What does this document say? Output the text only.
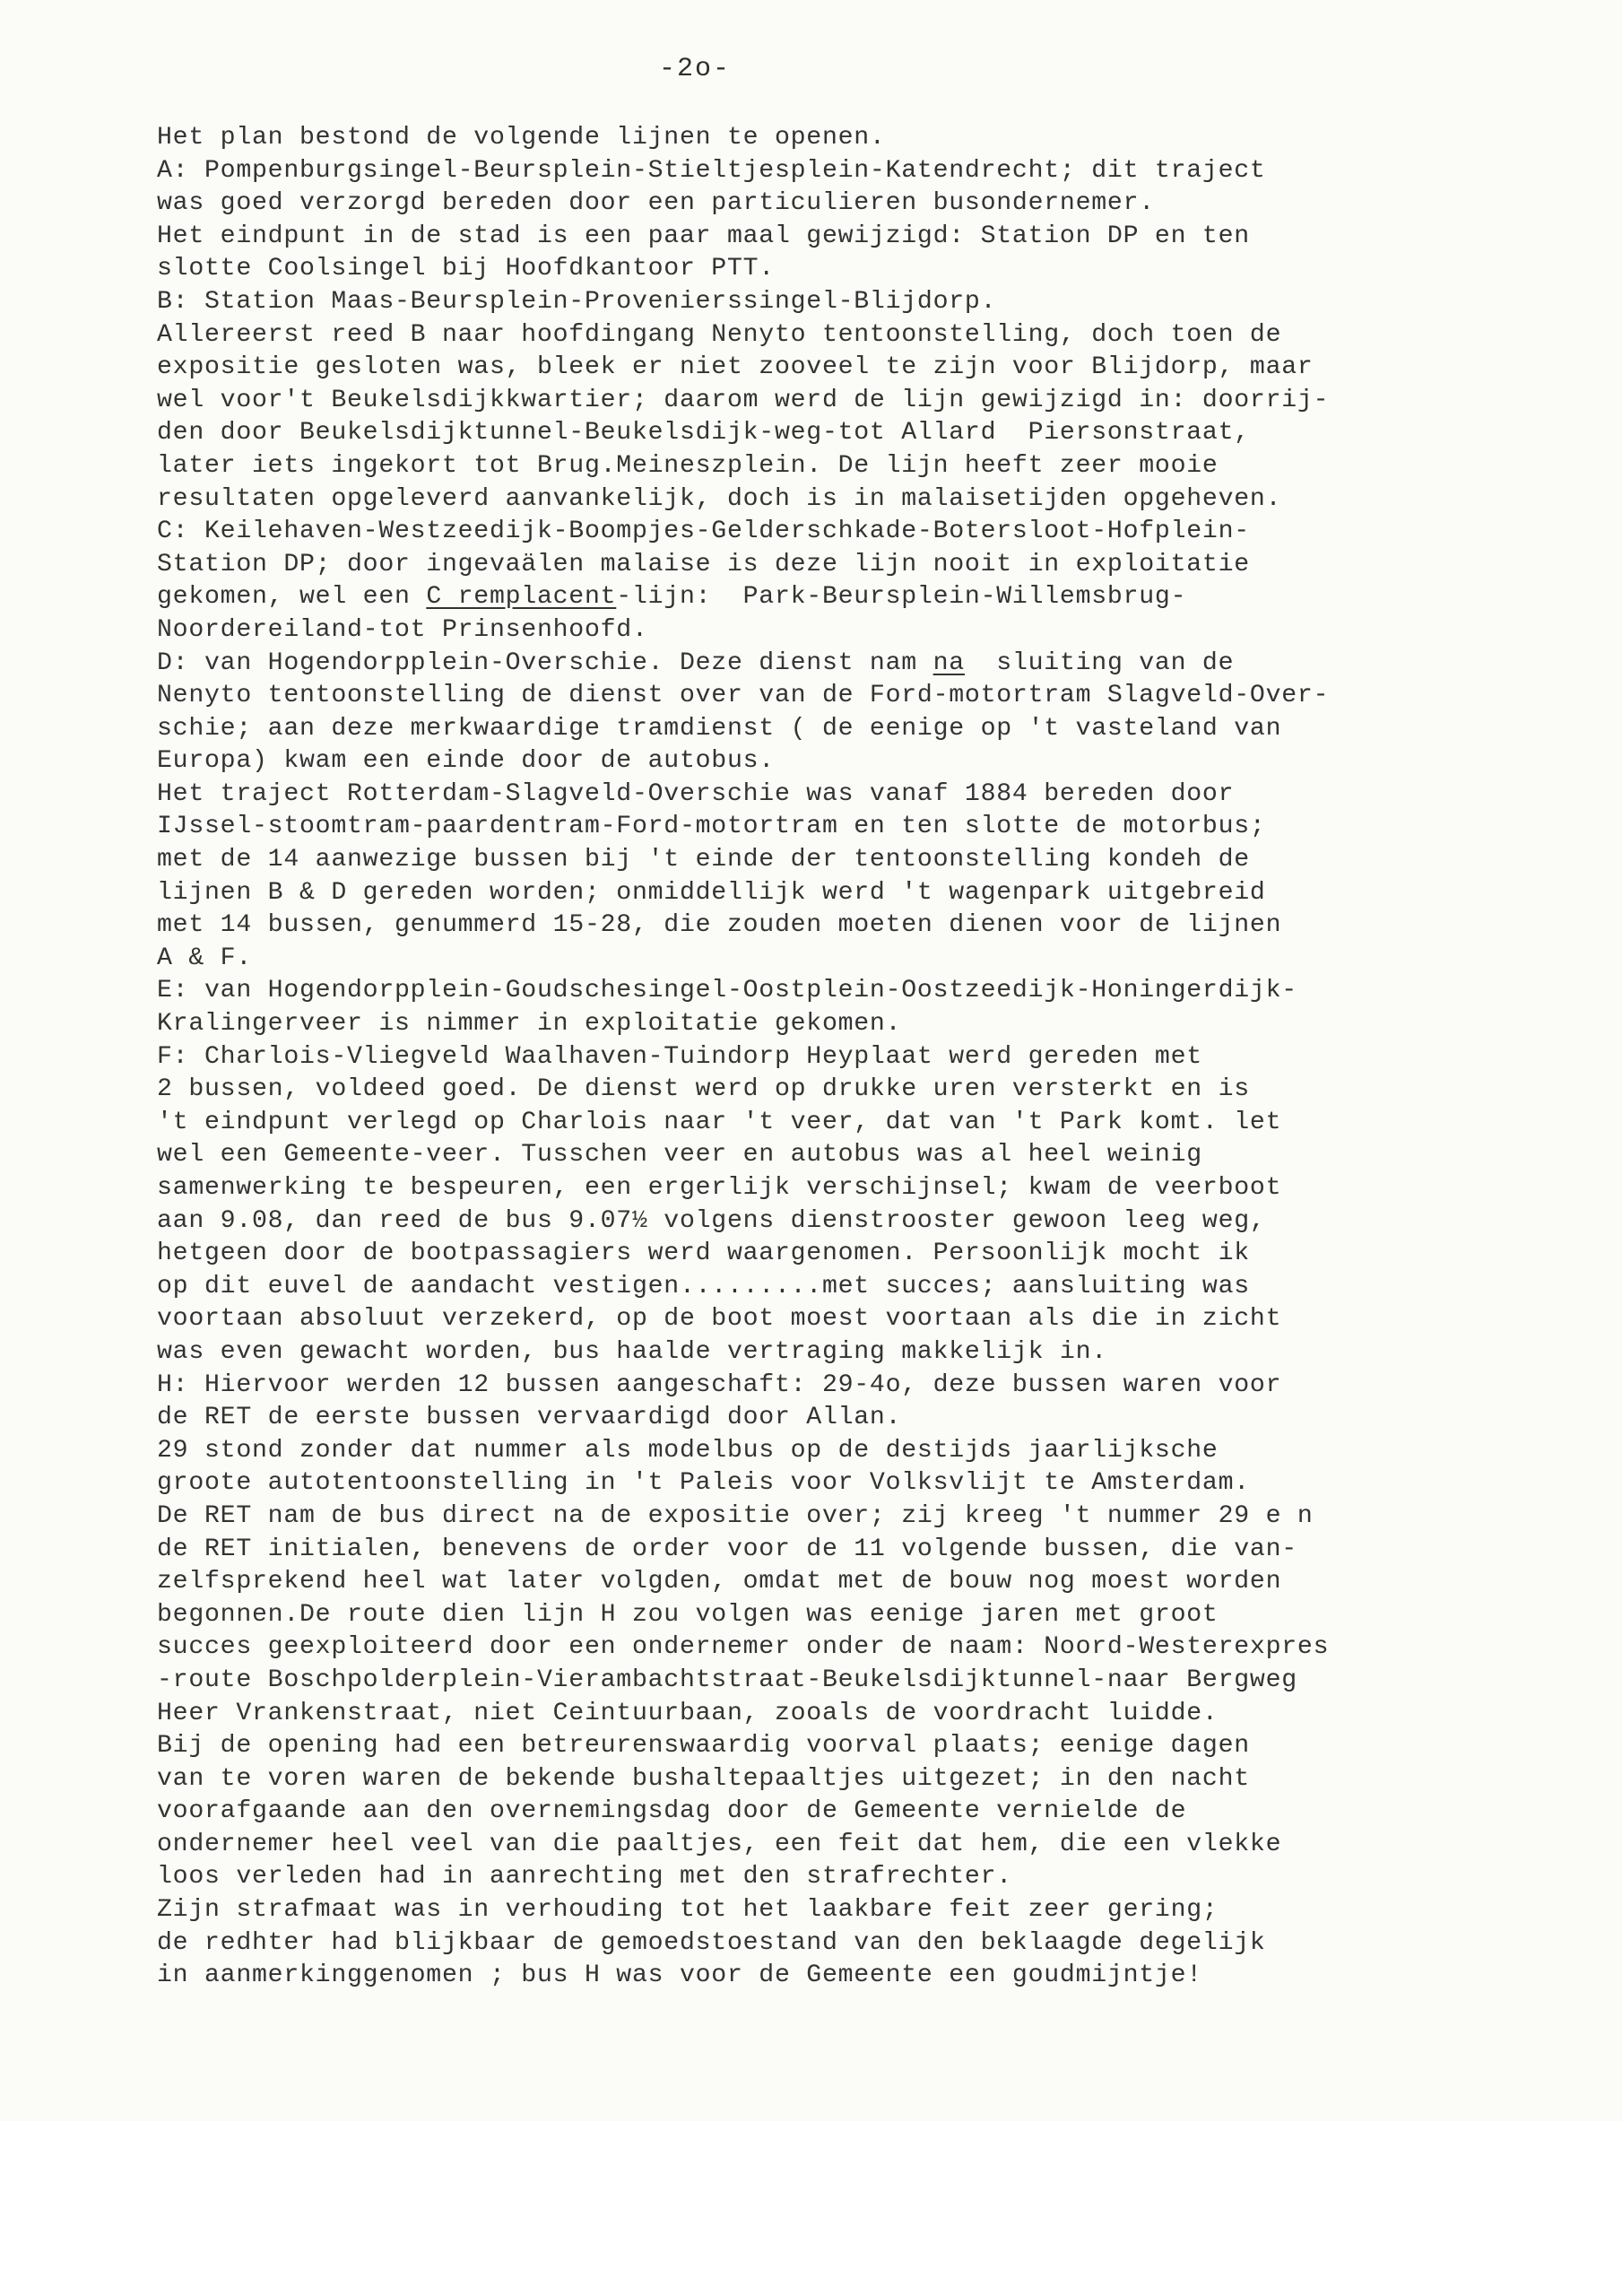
-2o-
Het plan bestond de volgende lijnen te openen.
A: Pompenburgsingel-Beursplein-Stieltjesplein-Katendrecht; dit traject
was goed verzorgd bereden door een particulieren busondernemer.
Het eindpunt in de stad is een paar maal gewijzigd: Station DP en ten
slotte Coolsingel bij Hoofdkantoor PTT.
B: Station Maas-Beursplein-Provenierssingel-Blijdorp.
Allereerst reed B naar hoofdingang Nenyto tentoonstelling, doch toen de
expositie gesloten was, bleek er niet zooveel te zijn voor Blijdorp, maar
wel voor't Beukelsdijkkwartier; daarom werd de lijn gewijzigd in: doorrij-
den door Beukelsdijktunnel-Beukelsdijk-weg-tot Allard  Piersonstraat,
later iets ingekort tot Brug.Meineszplein. De lijn heeft zeer mooie
resultaten opgeleverd aanvankelijk, doch is in malaisetijden opgeheven.
C: Keilehaven-Westzeedijk-Boompjes-Gelderschkade-Botersloot-Hofplein-
Station DP; door ingevaälen malaise is deze lijn nooit in exploitatie
gekomen, wel een C remplacent-lijn:  Park-Beursplein-Willemsbrug-
Noordereiland-tot Prinsenhoofd.
D: van Hogendorpplein-Overschie. Deze dienst nam na  sluiting van de
Nenyto tentoonstelling de dienst over van de Ford-motortram Slagveld-Over-
schie; aan deze merkwaardige tramdienst ( de eenige op 't vasteland van
Europa) kwam een einde door de autobus.
Het traject Rotterdam-Slagveld-Overschie was vanaf 1884 bereden door
IJssel-stoomtram-paardentram-Ford-motortram en ten slotte de motorbus;
met de 14 aanwezige bussen bij 't einde der tentoonstelling kondeh de
lijnen B & D gereden worden; onmiddellijk werd 't wagenpark uitgebreid
met 14 bussen, genummerd 15-28, die zouden moeten dienen voor de lijnen
A & F.
E: van Hogendorpplein-Goudschesingel-Oostplein-Oostzeedijk-Honingerdijk-
Kralingerveer is nimmer in exploitatie gekomen.
F: Charlois-Vliegveld Waalhaven-Tuindorp Heyplaat werd gereden met
2 bussen, voldeed goed. De dienst werd op drukke uren versterkt en is
't eindpunt verlegd op Charlois naar 't veer, dat van 't Park komt. let
wel een Gemeente-veer. Tusschen veer en autobus was al heel weinig
samenwerking te bespeuren, een ergerlijk verschijnsel; kwam de veerboot
aan 9.08, dan reed de bus 9.07½ volgens dienstrooster gewoon leeg weg,
hetgeen door de bootpassagiers werd waargenomen. Persoonlijk mocht ik
op dit euvel de aandacht vestigen.........met succes; aansluiting was
voortaan absoluut verzekerd, op de boot moest voortaan als die in zicht
was even gewacht worden, bus haalde vertraging makkelijk in.
H: Hiervoor werden 12 bussen aangeschaft: 29-4o, deze bussen waren voor
de RET de eerste bussen vervaardigd door Allan.
29 stond zonder dat nummer als modelbus op de destijds jaarlijksche
groote autotentoonstelling in 't Paleis voor Volksvlijt te Amsterdam.
De RET nam de bus direct na de expositie over; zij kreeg 't nummer 29 e n
de RET initialen, benevens de order voor de 11 volgende bussen, die van-
zelfsprekend heel wat later volgden, omdat met de bouw nog moest worden
begonnen.De route dien lijn H zou volgen was eenige jaren met groot
succes geexploiteerd door een ondernemer onder de naam: Noord-Westerexpres
-route Boschpolderplein-Vierambachtstraat-Beukelsdijktunnel-naar Bergweg
Heer Vrankenstraat, niet Ceintuurbaan, zooals de voordracht luidde.
Bij de opening had een betreurenswaardig voorval plaats; eenige dagen
van te voren waren de bekende bushaltepaaltjes uitgezet; in den nacht
voorafgaande aan den overnemingsdag door de Gemeente vernielde de
ondernemer heel veel van die paaltjes, een feit dat hem, die een vlekke
loos verleden had in aanrechting met den strafrechter.
Zijn strafmaat was in verhouding tot het laakbare feit zeer gering;
de redhter had blijkbaar de gemoedstoestand van den beklaagde degelijk
in aanmerkinggenomen ; bus H was voor de Gemeente een goudmijntje!
